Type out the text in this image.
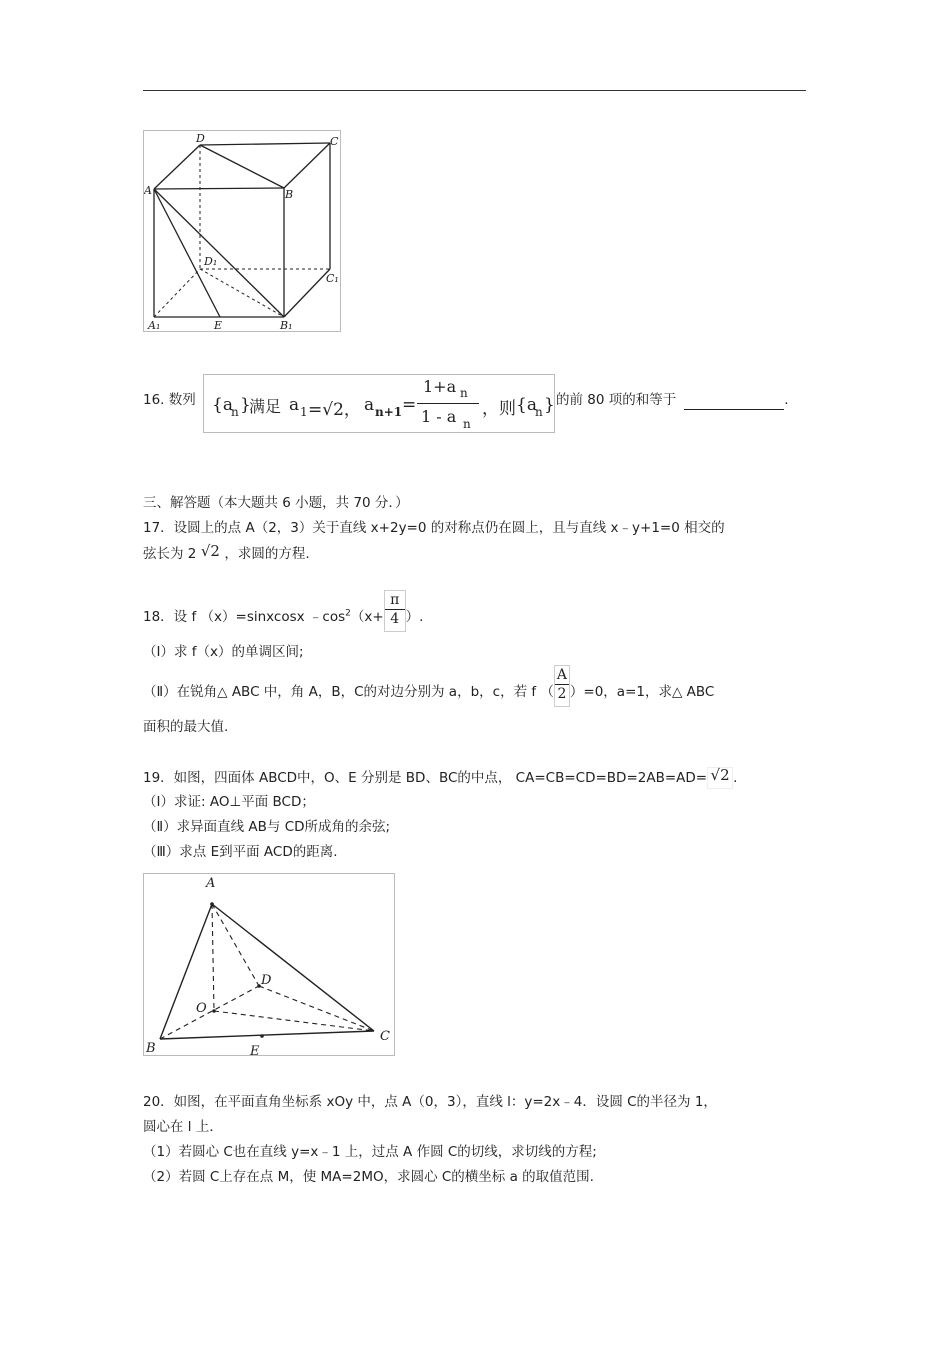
D	C
A	B
D₁
C₁
A₁	E	B₁
16. 数列 {a
n }
满足 a 1 =√2， a n+1 =
1+a n
1 - a n
，则 {a
n } 的前 80 项的和等于	.
三、解答题（本大题共 6 小题，共 70 分．）
17．设圆上的点 A（2，3）关于直线 x+2y=0 的对称点仍在圆上，且与直线 x﹣y+1=0 相交的
弦长为 2 √2 ，求圆的方程.
18．设 f （x）=sinxcosx $﹣\cos^2(x+ \frac{\pi}{4}$ ）.
（Ⅰ）求 f（x）的单调区间;
（Ⅱ）在锐角△ ABC 中，角 A，B，C的对边分别为 a，b，c，若 f （ $\frac{A}{2} )=0$，a=1，求△ ABC
面积的最大值.
19．如图，四面体 ABCD中，O、E 分别是 BD、BC的中点， CA=CB=CD=BD=2AB=AD= √2 .
（Ⅰ）求证: AO⊥平面 BCD；
（Ⅱ）求异面直线 AB与 CD所成角的余弦;
（Ⅲ）求点 E到平面 ACD的距离.
A
D
O
B	E
C
20．如图，在平面直角坐标系 xOy 中，点 A（0，3），直线 l：y=2x﹣4．设圆 C的半径为 1，
圆心在 l 上．
（1）若圆心 C也在直线 y=x﹣1 上，过点 A 作圆 C的切线，求切线的方程;
（2）若圆 C上存在点 M，使 MA=2MO，求圆心 C的横坐标 a 的取值范围.
